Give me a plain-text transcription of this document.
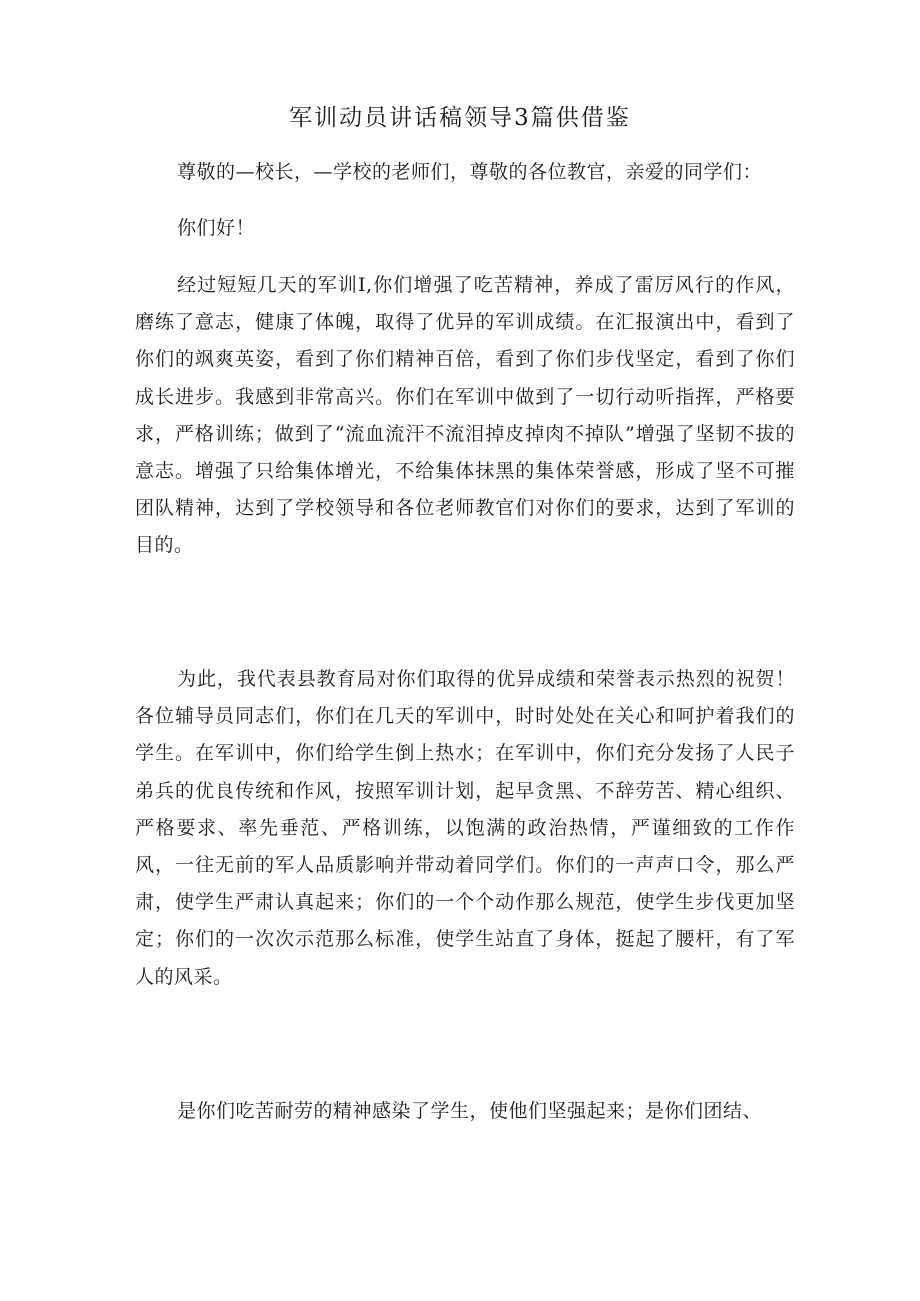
军训动员讲话稿领导3篇供借鉴
尊敬的—校长，—学校的老师们，尊敬的各位教官，亲爱的同学们：
你们好！
经过短短几天的军训I,你们增强了吃苦精神，养成了雷厉风行的作风，磨练了意志，健康了体魄，取得了优异的军训成绩。在汇报演出中，看到了你们的飒爽英姿，看到了你们精神百倍，看到了你们步伐坚定，看到了你们成长进步。我感到非常高兴。你们在军训中做到了一切行动听指挥，严格要求，严格训练；做到了“流血流汗不流泪掉皮掉肉不掉队”增强了坚韧不拔的意志。增强了只给集体增光，不给集体抹黑的集体荣誉感，形成了坚不可摧团队精神，达到了学校领导和各位老师教官们对你们的要求，达到了军训的目的。
为此，我代表县教育局对你们取得的优异成绩和荣誉表示热烈的祝贺！各位辅导员同志们，你们在几天的军训中，时时处处在关心和呵护着我们的学生。在军训中，你们给学生倒上热水；在军训中，你们充分发扬了人民子弟兵的优良传统和作风，按照军训计划，起早贪黑、不辞劳苦、精心组织、严格要求、率先垂范、严格训练，以饱满的政治热情，严谨细致的工作作风，一往无前的军人品质影响并带动着同学们。你们的一声声口令，那么严肃，使学生严肃认真起来；你们的一个个动作那么规范，使学生步伐更加坚定；你们的一次次示范那么标准，使学生站直了身体，挺起了腰杆，有了军人的风采。
是你们吃苦耐劳的精神感染了学生，使他们坚强起来；是你们团结、
